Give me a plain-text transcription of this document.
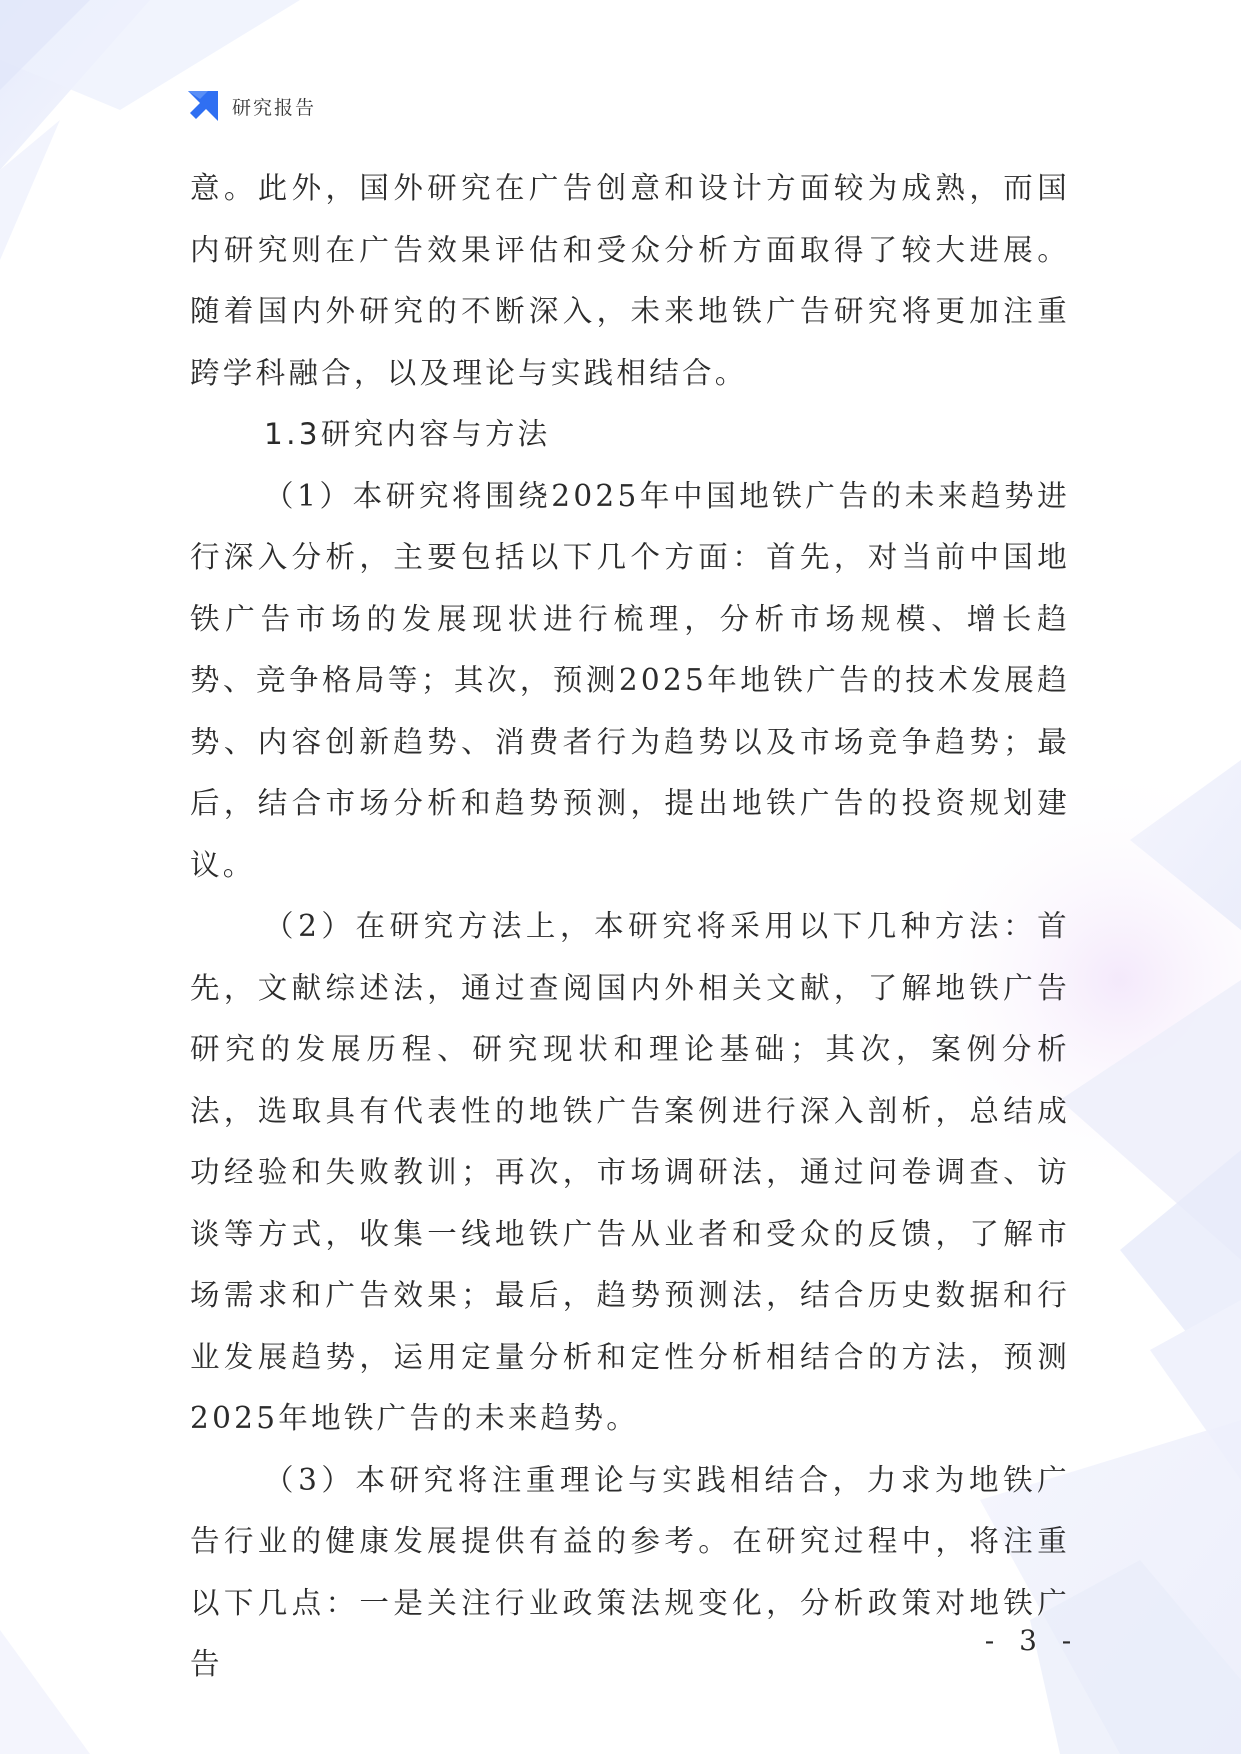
研究报告

意。此外，国外研究在广告创意和设计方面较为成熟，而国内研究则在广告效果评估和受众分析方面取得了较大进展。随着国内外研究的不断深入，未来地铁广告研究将更加注重跨学科融合，以及理论与实践相结合。

1.3研究内容与方法

（1）本研究将围绕2025年中国地铁广告的未来趋势进行深入分析，主要包括以下几个方面：首先，对当前中国地铁广告市场的发展现状进行梳理，分析市场规模、增长趋势、竞争格局等；其次，预测2025年地铁广告的技术发展趋势、内容创新趋势、消费者行为趋势以及市场竞争趋势；最后，结合市场分析和趋势预测，提出地铁广告的投资规划建议。

（2）在研究方法上，本研究将采用以下几种方法：首先，文献综述法，通过查阅国内外相关文献，了解地铁广告研究的发展历程、研究现状和理论基础；其次，案例分析法，选取具有代表性的地铁广告案例进行深入剖析，总结成功经验和失败教训；再次，市场调研法，通过问卷调查、访谈等方式，收集一线地铁广告从业者和受众的反馈，了解市场需求和广告效果；最后，趋势预测法，结合历史数据和行业发展趋势，运用定量分析和定性分析相结合的方法，预测2025年地铁广告的未来趋势。

（3）本研究将注重理论与实践相结合，力求为地铁广告行业的健康发展提供有益的参考。在研究过程中，将注重以下几点：一是关注行业政策法规变化，分析政策对地铁广告

- 3 -
